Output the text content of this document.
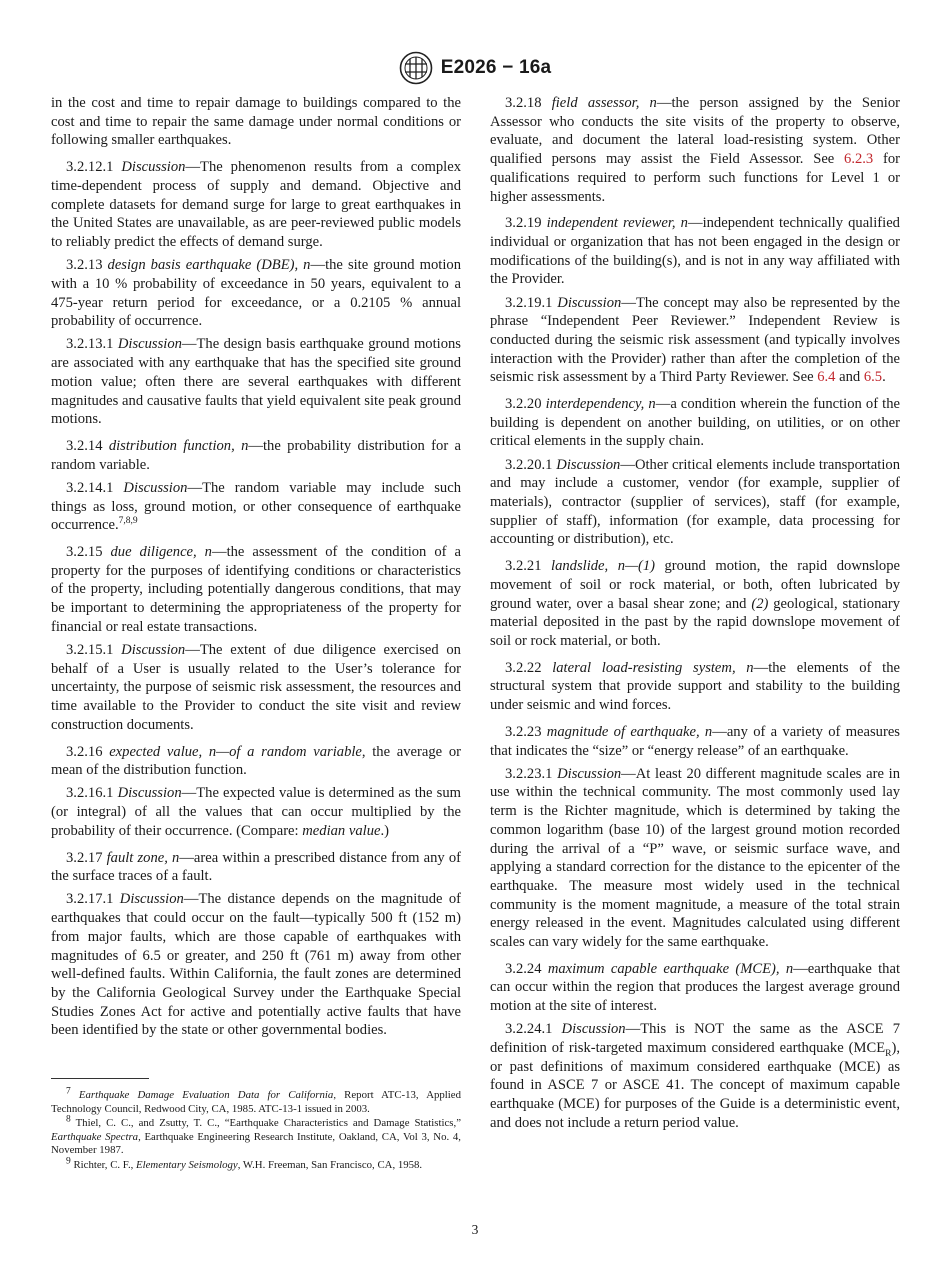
E2026 − 16a

in the cost and time to repair damage to buildings compared to the cost and time to repair the same damage under normal conditions or following smaller earthquakes.

3.2.12.1 Discussion—The phenomenon results from a complex time-dependent process of supply and demand. Objective and complete datasets for demand surge for large to great earthquakes in the United States are unavailable, as are peer-reviewed public models to reliably predict the effects of demand surge.

3.2.13 design basis earthquake (DBE), n—the site ground motion with a 10 % probability of exceedance in 50 years, equivalent to a 475-year return period for exceedance, or a 0.2105 % annual probability of occurrence.

3.2.13.1 Discussion—The design basis earthquake ground motions are associated with any earthquake that has the specified site ground motion value; often there are several earthquakes with different magnitudes and causative faults that yield equivalent site peak ground motions.

3.2.14 distribution function, n—the probability distribution for a random variable.

3.2.14.1 Discussion—The random variable may include such things as loss, ground motion, or other consequence of earthquake occurrence.$^{7,8,9}$

3.2.15 due diligence, n—the assessment of the condition of a property for the purposes of identifying conditions or characteristics of the property, including potentially dangerous conditions, that may be important to determining the appropriateness of the property for financial or real estate transactions.

3.2.15.1 Discussion—The extent of due diligence exercised on behalf of a User is usually related to the User’s tolerance for uncertainty, the purpose of seismic risk assessment, the resources and time available to the Provider to conduct the site visit and review construction documents.

3.2.16 expected value, n—of a random variable, the average or mean of the distribution function.

3.2.16.1 Discussion—The expected value is determined as the sum (or integral) of all the values that can occur multiplied by the probability of their occurrence. (Compare: median value.)

3.2.17 fault zone, n—area within a prescribed distance from any of the surface traces of a fault.

3.2.17.1 Discussion—The distance depends on the magnitude of earthquakes that could occur on the fault—typically 500 ft (152 m) from major faults, which are those capable of earthquakes with magnitudes of 6.5 or greater, and 250 ft (761 m) away from other well-defined faults. Within California, the fault zones are determined by the California Geological Survey under the Earthquake Special Studies Zones Act for active and potentially active faults that have been identified by the state or other governmental bodies.

3.2.18 field assessor, n—the person assigned by the Senior Assessor who conducts the site visits of the property to observe, evaluate, and document the lateral load-resisting system. Other qualified persons may assist the Field Assessor. See 6.2.3 for qualifications required to perform such functions for Level 1 or higher assessments.

3.2.19 independent reviewer, n—independent technically qualified individual or organization that has not been engaged in the design or modifications of the building(s), and is not in any way affiliated with the Provider.

3.2.19.1 Discussion—The concept may also be represented by the phrase “Independent Peer Reviewer.” Independent Review is conducted during the seismic risk assessment (and typically involves interaction with the Provider) rather than after the completion of the seismic risk assessment by a Third Party Reviewer. See 6.4 and 6.5.

3.2.20 interdependency, n—a condition wherein the function of the building is dependent on another building, on utilities, or on other critical elements in the supply chain.

3.2.20.1 Discussion—Other critical elements include transportation and may include a customer, vendor (for example, supplier of materials), contractor (supplier of services), staff (for example, supplier of staff), information (for example, data processing for accounting or distribution), etc.

3.2.21 landslide, n—(1) ground motion, the rapid downslope movement of soil or rock material, or both, often lubricated by ground water, over a basal shear zone; and (2) geological, stationary material deposited in the past by the rapid downslope movement of soil or rock material, or both.

3.2.22 lateral load-resisting system, n—the elements of the structural system that provide support and stability to the building under seismic and wind forces.

3.2.23 magnitude of earthquake, n—any of a variety of measures that indicates the “size” or “energy release” of an earthquake.

3.2.23.1 Discussion—At least 20 different magnitude scales are in use within the technical community. The most commonly used lay term is the Richter magnitude, which is determined by taking the common logarithm (base 10) of the largest ground motion recorded during the arrival of a “P” wave, or seismic surface wave, and applying a standard correction for the distance to the epicenter of the earthquake. The measure most widely used in the technical community is the moment magnitude, a measure of the total strain energy released in the event. Magnitudes calculated using different scales can vary widely for the same earthquake.

3.2.24 maximum capable earthquake (MCE), n—earthquake that can occur within the region that produces the largest average ground motion at the site of interest.

3.2.24.1 Discussion—This is NOT the same as the ASCE 7 definition of risk-targeted maximum considered earthquake $(MCE_R)$, or past definitions of maximum considered earthquake (MCE) as found in ASCE 7 or ASCE 41. The concept of maximum capable earthquake (MCE) for purposes of the Guide is a deterministic event, and does not include a return period value.

$^7$ Earthquake Damage Evaluation Data for California, Report ATC-13, Applied Technology Council, Redwood City, CA, 1985. ATC-13-1 issued in 2003.

$^8$ Thiel, C. C., and Zsutty, T. C., “Earthquake Characteristics and Damage Statistics,” Earthquake Spectra, Earthquake Engineering Research Institute, Oakland, CA, Vol 3, No. 4, November 1987.

$^9$ Richter, C. F., Elementary Seismology, W.H. Freeman, San Francisco, CA, 1958.

3
